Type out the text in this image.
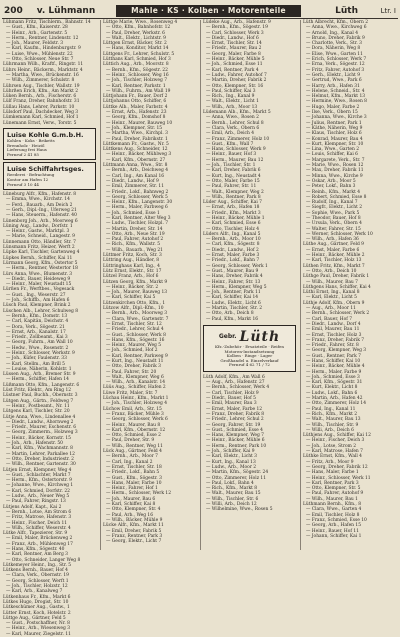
200	v. Lühmann	Mahle · KS · Kolben · Motorenteile	Lüth	Ltr. I
Lühmann Fritz, Tischlerm., Bahnstr. 14
— Gust., Kfm., Kaiserstr. 28
— Heinr., Arb., Gartenstr. 5
— Herm., Rentner, Lindenstr. 12
— Joh., Maurer, Feldstr. 3
— Karl, Kaufm., Hindenburgstr. 9
— Luise, Wwe., Mühlenstr. 22
— Otto, Schlosser, Neue Str. 7
Lührmann Wilh., Kraftf., Ringstr. 11
Lührs Heinr., Bäckerm., Marktstr. 4
— Martha, Wwe., Brückenstr. 16
— Wilh., Zimmerer, Schulstr. 8
Lührsen Aug., Tischler, Wallstr. 19
Lührßen Erich, Kfm., Am Markt 2
Lüken Bernh., Arb., Fischerstr. 6
Lülf Franz, Dreher, Bahnhofstr. 31
Lüllau Hans, Lehrer, Parkstr. 10
Lülsdorf Paul, Dachdecker, Weg 3
Lümkemann Karl, Schmied, Hof 1
Lünemann Ernst, Verw., Torstr. 5
Luise Kohle G.m.b.H.
Kohlen · Koks · Briketts
Brennholz · Heizöl
Lieferung frei Haus
Fernruf 2 41 85
Luise Schiffahrtsges.
Reederei · Befrachtung
Kontor am Hafen 12
Fernruf 3 10 44
Lüneburg Alfr., Kfm., Hafenstr. 8
— Emma, Wwe., Kirchstr. 14
— Ferd., Bauarb., Am Deich 2
— Gerh., Dipl.-Ing., Uferweg 21
— Hans, Steuerm., Hafenstr. 40
Lünenborg Joh., Arb., Moorweg 6
Lüning Aug., Landw., Dorfstr. 1
— Heinr., Gastw., Marktpl. 3
— Marie, Schneid., Langestr. 9
Lünnemann Otto, Händler, Str. 7
Lünsmann Fritz, Heizer, Werft 2
Lüpke Karl, Tischler, Gartenweg 4
Lüpkes Bernh., Schiffer, Kai 11
Lürmann Georg, Kfm., Ostertor 5
— Herm., Rentner, Westertor 18
Lürs Anna, Wwe., Blumenstr. 3
— Diedr., Bauer, Heideweg 9
— Heinr., Maler, Neustadt 15
Lürßen Fr., Werftbes., Vegesack
— Gust., Ing., Weserstr. 27
— Joh., Schiffb., Am Hafen 6
Lüsch Paul, Klempner, Brink 2
Lüschen Alb., Lehrer, Schulweg 8
— Bernh., Kfm., Domstr. 13
— Carl, Kapitän, Deichstr. 4
— Dora, Verk., Sögestr. 21
— Ernst, Arb., Kanalstr. 17
— Friedr., Zollbeamt., Kai 3
— Georg, Fuhrm., Am Wall 10
— Hedw., Wwe., Rosenstr. 2
— Heinr., Schlosser, Werkstr. 9
— Joh., Küfer, Faulenstr. 33
— Karl, Stellm., Am Brill 5
— Louise, Näherin, Kohlstr. 1
Lüssen Aug., Arb., Bremer Str. 9
— Herm., Schiffer, Hafen 14
Lüßmann Otto, Kfm., Langenstr. 6
Lüst Fritz, Elektr., Am Ring 12
Lüstner Paul, Buchh., Obernstr. 3
Lütgen Aug., Gärtn., Feldweg 7
— Heinr., Postbeamt., Nr. 11
Lütgens Karl, Tischler, Str. 20
Lütje Anna, Wwe., Lindenallee 4
— Diedr., Landw., Ahornweg 2
— Friedr., Maurer, Eschenstr. 6
— Georg, Zimmerm., Holzweg 3
— Heinr., Bäcker, Kornstr. 15
— Joh., Arb., Hafenstr. 50
— Karl, Kfm., Wachmannstr. 8
— Martin, Lehrer, Parkallee 12
— Otto, Dreher, Industriestr. 2
— Wilh., Rentner, Gartenstr. 30
Lütjen Ernst, Klempner, Weg 4
— Gust., Schlachter, Markt 7
— Herm., Kfm., Ostertorstr. 9
— Johanne, Wwe., Kirchweg 1
— Karl, Schmied, Dorfstr. 22
— Ludw., Arb., Neuer Weg 5
— Paul, Fahrer, Ringstr. 13
Lütjens Adolf, Kapt., Kai 2
— Bernh., Lotse, Am Strom 6
— Fritz, Matrose, Hafenstr. 3
— Heinr., Fischer, Deich 11
— Wilh., Schiffer, Weserstr. 4
Lütke Alfr., Tapezierer, Str. 9
— Emil, Maler, Brückenweg 2
— Franz, Arb., Mühlenweg 17
— Hans, Kfm., Sögestr. 40
— Karl, Rentner, Am Berg 3
— Otto, Schneider, Langer Weg 8
Lütkemeyer Heinr., Ing., Str. 5
Lütkens Bernh., Bauer, Hof 4
— Clara, Verk., Obernstr. 19
— Georg, Schlosser, Werft 1
— Joh., Tischler, Holzstr. 12
— Karl, Arb., Kanalweg 7
Lütkenhaus Fr., Kfm., Markt 6
Lütkes Hugo, Drogist, Str. 10
Lütkeschümer Aug., Gastw., 1
Lütter Ernst, Koch, Hotelstr. 2
Lüttge Aug., Gärtner, Feld 5
— Gust., Postschaffner, Nr. 8
— Heinr., Arb., Wiesenweg 3
— Karl, Maurer, Ziegelstr. 11
Lüttge Marie, Wwe., Rosenweg 4
— Otto, Kfm., Bahnhofstr. 12
— Paul, Dreher, Werkstr. 6
— Walt., Elektr., Lichtstr. 9
Lüttgen Ernst, Bäcker, Str. 2
— Hans, Konditor, Markt 14
Lüttgens Fr., Lehrer, Schulstr. 5
Lütthans Karl, Schmied, Hof 3
Lüttich Aug., Arb., Moorstr. 8
— Bernh., Kfm., Sögestr. 22
— Heinr., Schlosser, Weg 16
— Joh., Tischler, Holzweg 7
— Karl, Rentner, Parkstr. 1
— Wilh., Fuhrm., Am Wall 19
Lüttjohann Fr., Bauer, Dorf 2
Lüttjohanns Otto, Schiffer, 6
Lüttke Alb., Maler, Farbstr. 4
— Ernst, Arb., Hafenstr. 23
— Georg, Kfm., Domshof 8
— Heinr., Maurer, Bauweg 10
— Joh., Klempner, Str. 15
— Martha, Wwe., Kirchpl. 3
— Paul, Dreher, Fabrikstr. 1
Lüttkemann Fr., Gastw., Nr. 5
Lüttkens Aug., Schneider, 12
— Heinr., Bäcker, Mühlweg 3
— Karl, Kfm., Obernstr. 27
Lüttmann Anna, Wwe., Str. 8
— Bernh., Arb., Deichweg 4
— Carl, Ing., Am Kanal 16
— Diedr., Landw., Hof 9
— Emil, Zimmerer, Str. 11
— Friedr., Lokf., Bahnweg 2
— Georg, Schlosser, Werk 5
— Heinr., Kfm., Langenstr. 30
— Herm., Maler, Farbweg 6
— Joh., Schmied, Esse 1
— Karl, Rentner, Alter Weg 3
— Ludw., Tischler, Holzpl. 7
— Martin, Dreher, Str. 14
— Otto, Arb., Neue Str. 19
— Paul, Fahrer, Autohof 2
— Rich., Kfm., Wallstr. 5
— Wilh., Bauarb., Weg 21
Lüttmer Fritz, Koch, Str. 3
Lüttring Aug., Händler, 8
Lüttringhaus Karl, Ing., 4
Lütz Ernst, Elektr., Str. 17
Lützel Franz, Arb., Hof 6
Lützen Georg, Kfm., Markt 9
— Heinr., Bäcker, Str. 2
— Joh., Maurer, Bauweg 13
— Karl, Schiffer, Kai 5
Lützenkirchen Otto, Kfm., 1
Lützow Alfr., Dipl.-Kfm., 10
— Bernh., Arb., Moorweg 3
— Clara, Wwe., Gartenstr. 7
— Ernst, Tischler, Str. 12
— Friedr., Lehrer, Schul 4
— Gust., Schlosser, Werk 8
— Hans, Kfm., Sögestr. 16
— Heinr., Maurer, Weg 5
— Joh., Schmied, Hof 2
— Karl, Rentner, Parkweg 9
— Kurt, Ing., Neustadt 11
— Otto, Dreher, Fabrik 3
— Paul, Fahrer, Str. 20
— Walt., Klempner, Weg 6
— Wilh., Arb., Kanalstr. 14
Lüüs Aug., Schiffer, Hafen 2
Lüwe Fritz, Maler, Str. 7
Lüchau Heinr., Kfm., Markt 1
— Joh., Tischler, Holzweg 4
Lüchow Emil, Arb., Str. 15
— Franz, Bäcker, Mühle 3
— Georg, Schlosser, Werk 6
— Heinr., Maurer, Bau 8
— Karl, Kfm., Obernstr. 12
— Otto, Schmied, Esse 2
— Paul, Dreher, Str. 9
— Wilh., Rentner, Weg 11
Lück Aug., Gärtner, Feld 4
— Bernh., Arb., Moor 7
— Carl, Ing., Kanal 2
— Ernst, Tischler, Str. 18
— Friedr., Lokf., Bahn 5
— Gust., Kfm., Sögestr. 3
— Hans, Maler, Farbe 10
— Heinr., Fahrer, Hof 1
— Herm., Schlosser, Werk 12
— Joh., Maurer, Bau 6
— Karl, Schiffer, Kai 8
— Otto, Klempner, Str. 4
— Paul, Arb., Weg 16
— Wilh., Bäcker, Mühle 9
Lücke Alfr., Kfm., Markt 11
— Emil, Dreher, Fabrik 5
— Franz, Rentner, Park 3
— Georg, Elektr., Licht 7
Lüdeke Aug., Arb., Hafenstr. 9
— Bernh., Kfm., Sögestr. 19
— Carl, Schlosser, Werk 3
— Diedr., Landw., Hof 6
— Ernst, Tischler, Str. 14
— Friedr., Maurer, Bau 2
— Georg, Maler, Farbe 8
— Heinr., Bäcker, Mühle 5
— Joh., Schmied, Esse 11
— Karl, Rentner, Park 4
— Ludw., Fahrer, Autohof 7
— Martin, Dreher, Fabrik 2
— Otto, Klempner, Str. 16
— Paul, Schiffer, Kai 3
— Rich., Ing., Kanal 9
— Walt., Elektr., Licht 1
— Wilh., Arb., Moor 13
Lüdemann Alb., Kfm., Markt 5
— Anna, Wwe., Rosen 2
— Bernh., Lehrer, Schul 8
— Clara, Verk., Obern 6
— Emil, Arb., Deich 4
— Franz, Zimmerer, Holz 10
— Gust., Kfm., Wall 7
— Hans, Schlosser, Werk 9
— Heinr., Bauer, Hof 3
— Herm., Maurer, Bau 12
— Joh., Tischler, Str. 1
— Karl, Dreher, Fabrik 6
— Kurt, Ing., Neustadt 4
— Otto, Maler, Farbe 15
— Paul, Fahrer, Str. 11
— Walt., Klempner, Weg 2
— Wilh., Rentner, Park 8
Lüder Aug., Schiffer, Kai 7
— Ernst, Arb., Hafen 18
— Friedr., Kfm., Markt 3
— Heinr., Bäcker, Mühle 1
— Karl, Schmied, Esse 6
— Otto, Tischler, Holz 4
Lüders Alfr., Ing., Kanal 5
— Bernh., Arb., Moor 10
— Carl, Kfm., Sögestr. 8
— Diedr., Landw., Hof 2
— Ernst, Maler, Farbe 3
— Friedr., Lokf., Bahn 7
— Georg, Schlosser, Werk 1
— Gust., Maurer, Bau 9
— Hans, Dreher, Fabrik 4
— Heinr., Fahrer, Str. 13
— Herm., Klempner, Weg 5
— Joh., Rentner, Park 11
— Karl, Schiffer, Kai 14
— Ludw., Elektr., Licht 6
— Martin, Tischler, Str. 2
— Otto, Arb., Deich 8
— Paul, Kfm., Markt 16
Gebr. Lüth
Kfz.-Zubehör · Ersatzteile · Reifen
Motoren-Instandsetzung
Kolben · Ringe · Lager
Großhandel u. Einzelverkauf
Fernruf 4 62 71 / 72
Lüth Adolf, Kfm., Am Wall 6
— Aug., Arb., Hafenstr. 27
— Bernh., Schlosser, Werk 4
— Carl, Tischler, Holz 9
— Diedr., Bauer, Hof 5
— Emil, Maurer, Bau 3
— Ernst, Maler, Farbe 12
— Franz, Dreher, Fabrik 8
— Friedr., Lehrer, Schul 2
— Georg, Fahrer, Str. 19
— Gust., Schmied, Esse 4
— Hans, Klempner, Weg 7
— Heinr., Bäcker, Mühle 6
— Herm., Rentner, Park 10
— Joh., Schiffer, Kai 9
— Karl, Elektr., Licht 3
— Kurt, Ing., Kanal 13
— Ludw., Arb., Moor 2
— Martin, Kfm., Sögestr. 24
— Otto, Zimmerer, Holz 11
— Paul, Lokf., Bahn 4
— Rich., Kfm., Markt 8
— Walt., Maurer, Bau 15
— Wilh., Tischler, Str. 6
— Willi, Arb., Deich 12
— Wilhelmine, Wwe., Rosen 5
Lüth Albrecht, Kfm., Obern 2
— Anna, Wwe., Kirchweg 6
— Arnold, Ing., Kanal 4
— Bruno, Dreher, Fabrik 9
— Charlotte, Verk., Str. 3
— Dora, Näherin, Weg 8
— Elise, Wwe., Garten 11
— Erich, Schlosser, Werk 7
— Erna, Verk., Sögestr. 12
— Fritz, Fahrer, Autohof 3
— Gerh., Elektr., Licht 9
— Gertrud, Wwe., Park 6
— Harry, Arb., Hafen 31
— Helene, Schneid., Str. 4
— Helmut, Kfm., Markt 13
— Hermine, Wwe., Rosen 8
— Hugo, Maler, Farbe 2
— Ilse, Verk., Obern 15
— Johanna, Wwe., Kirche 3
— Julius, Rentner, Park 1
— Käthe, Näherin, Weg 9
— Klaus, Tischler, Holz 6
— Konrad, Maurer, Bau 4
— Kurt, Klempner, Str. 10
— Lina, Wwe., Garten 2
— Louis, Schiffer, Kai 6
— Margarete, Verk., Str. 7
— Marie, Wwe., Rosen 12
— Max, Dreher, Fabrik 11
— Minna, Wwe., Kirche 9
— Oskar, Arb., Moor 5
— Peter, Lokf., Bahn 3
— Reinh., Kfm., Markt 4
— Robert, Schmied, Esse 8
— Rudolf, Ing., Kanal 7
— Siegfr., Elektr., Licht 2
— Sophie, Wwe., Park 5
— Theodor, Bauer, Hof 8
— Ursula, Verk., Obern 4
— Walter, Fahrer, Str. 15
— Werner, Schlosser, Werk 10
— Wilh., Arb., Hafen 36
Lüthe Aug., Gärtner, Feld 9
— Ernst, Maler, Farbe 6
— Heinr., Bäcker, Mühle 2
— Karl, Tischler, Holz 13
Lüthen Fritz, Kfm., Markt 7
— Otto, Arb., Deich 10
Lüthge Paul, Dreher, Fabrik 1
— Wilh., Maurer, Bau 7
Lüthgens Hans, Schiffer, Kai 4
Lüthi Ernst, Ing., Kanal 8
— Karl, Elektr., Licht 5
Lüthje Adolf, Kfm., Obern 9
— Aug., Arb., Moor 11
— Bernh., Schlosser, Werk 2
— Carl, Bauer, Hof 7
— Diedr., Landw., Dorf 4
— Emil, Maurer, Bau 11
— Ernst, Tischler, Holz 3
— Franz, Dreher, Fabrik 7
— Friedr., Fahrer, Str. 8
— Georg, Klempner, Weg 3
— Gust., Rentner, Park 7
— Hans, Schiffer, Kai 10
— Heinr., Bäcker, Mühle 4
— Herm., Maler, Farbe 9
— Joh., Schmied, Esse 3
— Karl, Kfm., Sögestr. 31
— Kurt, Elektr., Licht 8
— Ludw., Lokf., Bahn 6
— Martin, Arb., Hafen 42
— Otto, Zimmerer, Holz 14
— Paul, Ing., Kanal 11
— Rich., Kfm., Markt 2
— Walt., Maurer, Bau 13
— Wilh., Tischler, Str. 9
— Willi, Arb., Deich 6
Lüthjens Aug., Schiffer, Kai 12
— Heinr., Fischer, Deich 3
— Joh., Lotse, Strom 2
— Karl, Matrose, Hafen 7
Lüthke Ernst, Kfm., Wall 4
— Fritz, Arb., Moor 9
— Georg, Dreher, Fabrik 12
— Hans, Maler, Farbe 1
— Heinr., Schlosser, Werk 11
— Karl, Rentner, Park 3
— Otto, Klempner, Str. 5
— Paul, Fahrer, Autohof 9
— Wilh., Maurer, Bau 1
Lüthmann Bernh., Kfm., 8
— Clara, Wwe., Garten 4
— Emil, Tischler, Holz 8
— Franz, Schmied, Esse 10
— Georg, Arb., Hafen 15
— Heinr., Bauer, Hof 11
— Johann, Schiffer, Kai 1
